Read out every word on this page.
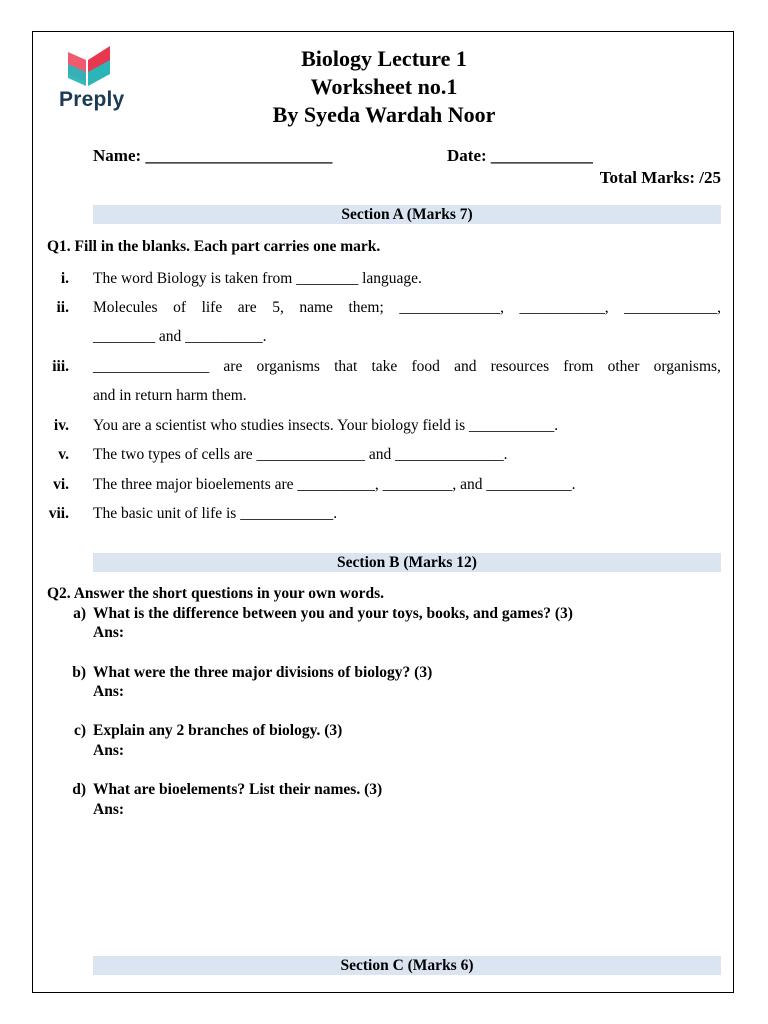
Preply
Biology Lecture 1
Worksheet no.1
By Syeda Wardah Noor
Name: ______________________	Date: ____________
Total Marks: /25
Section A (Marks 7)
Q1. Fill in the blanks. Each part carries one mark.
i. The word Biology is taken from ________ language.
ii. Molecules of life are 5, name them; _____________, ___________, ____________,
________ and __________.
iii. _______________ are organisms that take food and resources from other organisms,
and in return harm them.
iv. You are a scientist who studies insects. Your biology field is ___________.
v. The two types of cells are ______________ and ______________.
vi. The three major bioelements are __________, _________, and ___________.
vii. The basic unit of life is ____________.
Section B (Marks 12)
Q2. Answer the short questions in your own words.
a) What is the difference between you and your toys, books, and games? (3)
Ans:
b) What were the three major divisions of biology? (3)
Ans:
c) Explain any 2 branches of biology. (3)
Ans:
d) What are bioelements? List their names. (3)
Ans:
Section C (Marks 6)
